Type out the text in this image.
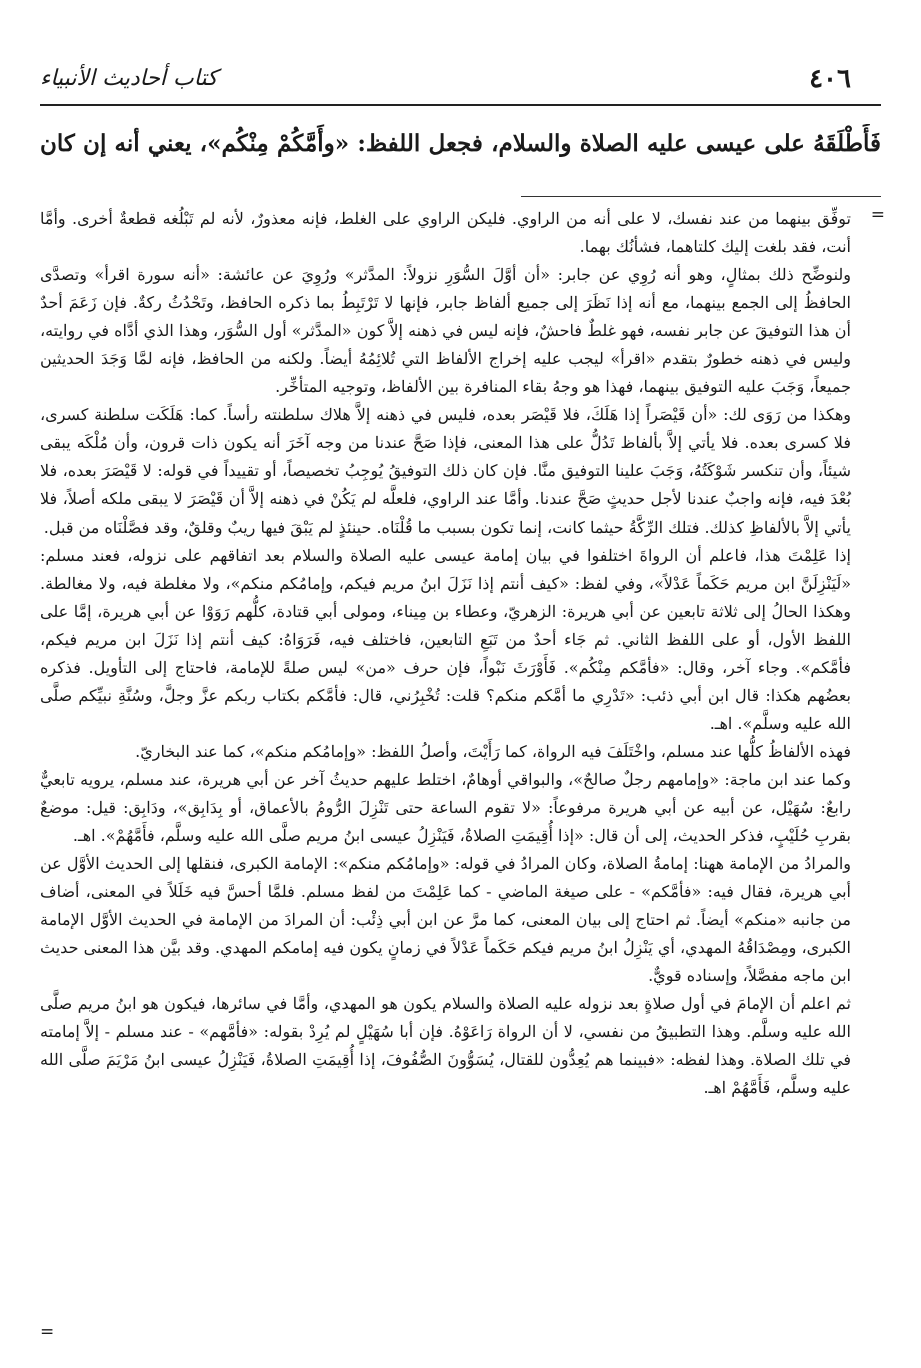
٤٠٦
كتاب أحاديث الأنبياء
فَأَطْلَقَهُ على عيسى عليه الصلاة والسلام، فجعل اللفظ: «وأَمَّكُمْ مِنْكُم»، يعني أنه إن كان
=

توفِّق بينهما من عند نفسك، لا على أنه من الراوي. فليكن الراوي على الغلط، فإنه معذورٌ، لأنه لم تَبْلُغه قطعةٌ أخرى. وأمَّا أنت، فقد بلغت إليك كلتاهما، فشأنُك بهما.

ولنوضِّح ذلك بمثالٍ، وهو أنه رُوِي عن جابر: «أن أوَّلَ السُّوَرِ نزولاً: المدَّثر» ورُوِيَ عن عائشة: «أنه سورة اقرأ» وتصدَّى الحافظُ إلى الجمع بينهما، مع أنه إذا نَظَرَ إلى جميع ألفاظ جابر، فإنها لا تَرْتَبِطُ بما ذكره الحافظ، وتَحْدُثُ ركةٌ. فإن زَعَمَ أحدٌ أن هذا التوفيقَ عن جابر نفسه، فهو غلطٌ فاحشٌ، فإنه ليس في ذهنه إلاَّ كون «المدَّثر» أول السُّوَر، وهذا الذي أدَّاه في روايته، وليس في ذهنه خطورٌ بتقدم «اقرأ» ليجب عليه إخراج الألفاظ التي تُلائِمُهُ أيضاً. ولكنه من الحافظ، فإنه لمَّا وَجَدَ الحديثين جميعاً، وَجَبَ عليه التوفيق بينهما، فهذا هو وجهُ بقاء المنافرة بين الألفاظ، وتوجيه المتأخِّر.

وهكذا من رَوَى لك: «أن قَيْصَراً إذا هَلَكَ، فلا قَيْصَر بعده، فليس في ذهنه إلاَّ هلاك سلطنته رأساً. كما: هَلَكَت سلطنة كسرى، فلا كسرى بعده. فلا يأتي إلاَّ بألفاظ تَدُلُّ على هذا المعنى، فإذا صَحَّ عندنا من وجه آخَرَ أنه يكون ذات قرون، وأن مُلْكَه يبقى شيئاً، وأن تنكسر شَوْكَتُهُ، وَجَبَ علينا التوفيق منَّا. فإن كان ذلك التوفيقُ يُوجِبُ تخصيصاً، أو تقييداً في قوله: لا قَيْصَرَ بعده، فلا بُعْدَ فيه، فإنه واجبٌ عندنا لأجل حديثٍ صَحَّ عندنا. وأمَّا عند الراوي، فلعلَّه لم يَكُنْ في ذهنه إلاَّ أن قَيْصَرَ لا يبقى ملكه أصلاً، فلا يأتي إلاَّ بالألفاظِ كذلك. فتلك الرِّكَّةُ حيثما كانت، إنما تكون بسبب ما قُلْنَاه. حينئذٍ لم يَبْقَ فيها ريبٌ وقلقٌ، وقد فصَّلْنَاه من قبل.

إذا عَلِمْتَ هذا، فاعلم أن الرواةَ اختلفوا في بيان إمامة عيسى عليه الصلاة والسلام بعد اتفاقهم على نزوله، فعند مسلم: «لَيَنْزِلَنَّ ابن مريم حَكَماً عَدْلاً»، وفي لفظ: «كيف أنتم إذا نَزَلَ ابنُ مريم فيكم، وإمامُكم منكم»، ولا مغلطة فيه، ولا مغالطة. وهكذا الحالُ إلى ثلاثة تابعين عن أبي هريرة: الزهريّ، وعطاء بن مِيناء، ومولى أبي قتادة، كلُّهم رَوَوْا عن أبي هريرة، إمَّا على اللفظ الأول، أو على اللفظ الثاني. ثم جَاء أحدٌ من تَبَعِ التابعين، فاختلف فيه، فَرَوَاهُ: كيف أنتم إذا نَزَلَ ابن مريم فيكم، فأمَّكم». وجاء آخر، وقال: «فأمَّكم مِنْكُم». فَأَوْرَثَ نَبْواً، فإن حرف «من» ليس صلةً للإمامة، فاحتاج إلى التأويل. فذكره بعضُهم هكذا: قال ابن أبي ذئب: «تَدْرِي ما أمَّكم منكم؟ قلت: تُخْبِرُني، قال: فأمَّكم بكتاب ربكم عزَّ وجلَّ، وسُنَّةِ نبيِّكم صلَّى الله عليه وسلَّم». اهـ.

فهذه الألفاظُ كلُّها عند مسلم، واخْتَلَفَ فيه الرواة، كما رَأَيْتَ، وأصلُ اللفظ: «وإمامُكم منكم»، كما عند البخاريّ.

وكما عند ابن ماجة: «وإمامهم رجلٌ صالحٌ»، والبواقي أوهامٌ، اختلط عليهم حديثُ آخر عن أبي هريرة، عند مسلم، يرويه تابعيٌّ رابعٌ: سُهَيْل، عن أبيه عن أبي هريرة مرفوعاً: «لا تقوم الساعة حتى تَنْزِلَ الرُّومُ بالأعماق، أو بِدَابِق»، ودَابِق: قيل: موضعٌ بقربِ حُلَيْبٍ، فذكر الحديث، إلى أن قال: «إذا أُقِيمَتِ الصلاةُ، فَيَنْزِلُ عيسى ابنُ مريم صلَّى الله عليه وسلَّم، فأَمَّهُمْ». اهـ.

والمرادُ من الإمامة ههنا: إمامةُ الصلاة، وكان المرادُ في قوله: «وإمامُكم منكم»: الإمامة الكبرى، فنقلها إلى الحديث الأوَّل عن أبي هريرة، فقال فيه: «فأمَّكم» - على صيغة الماضي - كما عَلِمْتَ من لفظ مسلم. فلمَّا أحسَّ فيه خَلَلاً في المعنى، أضاف من جانبه «منكم» أيضاً. ثم احتاج إلى بيان المعنى، كما مرَّ عن ابن أبي ذِئْب: أن المرادَ من الإمامة في الحديث الأوَّل الإمامة الكبرى، ومِصْدَاقُهُ المهدي، أي يَنْزِلُ ابنُ مريم فيكم حَكَماً عَدْلاً في زمانٍ يكون فيه إمامكم المهدي. وقد بيَّن هذا المعنى حديث ابن ماجه مفصَّلاً، وإسناده قويٌّ.

ثم اعلم أن الإمامَ في أول صلاةٍ بعد نزوله عليه الصلاة والسلام يكون هو المهدي، وأمَّا في سائرها، فيكون هو ابنُ مريم صلَّى الله عليه وسلَّم. وهذا التطبيقُ من نفسي، لا أن الرواة رَاعَوْهُ. فإن أبا سُهَيْلٍ لم يُرِدْ بقوله: «فأمَّهم» - عند مسلم - إلاَّ إمامته في تلك الصلاة. وهذا لفظه: «فبينما هم يُعِدُّون للقتال، يُسَوُّونَ الصُّفُوفَ، إذا أُقِيمَتِ الصلاةُ، فَيَنْزِلُ عيسى ابنُ مَرْيَمَ صلَّى الله عليه وسلَّم، فَأَمَّهُمْ اهـ.

=
